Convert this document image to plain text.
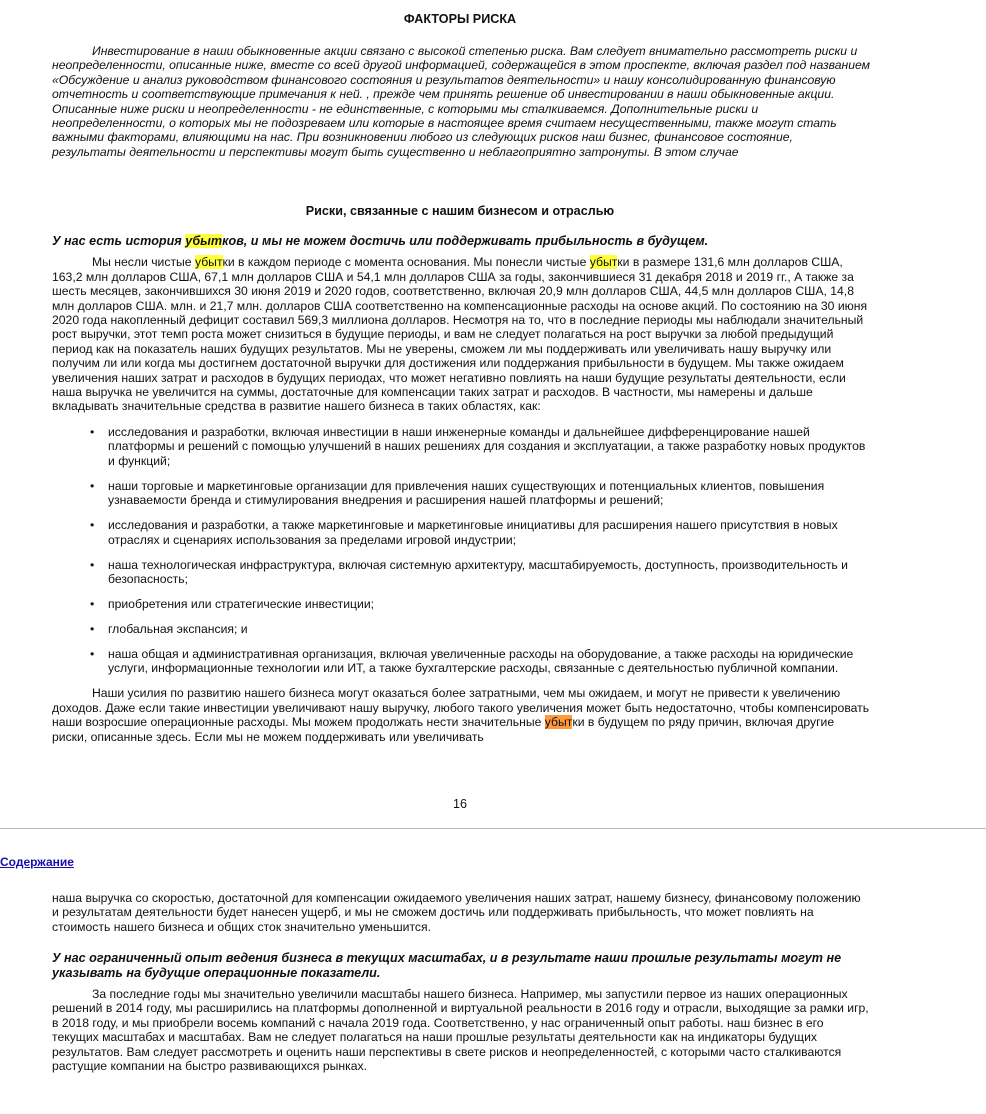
ФАКТОРЫ РИСКА

Инвестирование в наши обыкновенные акции связано с высокой степенью риска. Вам следует внимательно рассмотреть риски и неопределенности, описанные ниже, вместе со всей другой информацией, содержащейся в этом проспекте, включая раздел под названием «Обсуждение и анализ руководством финансового состояния и результатов деятельности» и нашу консолидированную финансовую отчетность и соответствующие примечания к ней. , прежде чем принять решение об инвестировании в наши обыкновенные акции. Описанные ниже риски и неопределенности - не единственные, с которыми мы сталкиваемся. Дополнительные риски и неопределенности, о которых мы не подозреваем или которые в настоящее время считаем несущественными, также могут стать важными факторами, влияющими на нас. При возникновении любого из следующих рисков наш бизнес, финансовое состояние, результаты деятельности и перспективы могут быть существенно и неблагоприятно затронуты. В этом случае

Риски, связанные с нашим бизнесом и отраслью

У нас есть история убытков, и мы не можем достичь или поддерживать прибыльность в будущем.

Мы несли чистые убытки в каждом периоде с момента основания. Мы понесли чистые убытки в размере 131,6 млн долларов США, 163,2 млн долларов США, 67,1 млн долларов США и 54,1 млн долларов США за годы, закончившиеся 31 декабря 2018 и 2019 гг., А также за шесть месяцев, закончившихся 30 июня 2019 и 2020 годов, соответственно, включая 20,9 млн долларов США, 44,5 млн долларов США, 14,8 млн долларов США. млн. и 21,7 млн. долларов США соответственно на компенсационные расходы на основе акций. По состоянию на 30 июня 2020 года накопленный дефицит составил 569,3 миллиона долларов. Несмотря на то, что в последние периоды мы наблюдали значительный рост выручки, этот темп роста может снизиться в будущие периоды, и вам не следует полагаться на рост выручки за любой предыдущий период как на показатель наших будущих результатов. Мы не уверены, сможем ли мы поддерживать или увеличивать нашу выручку или получим ли или когда мы достигнем достаточной выручки для достижения или поддержания прибыльности в будущем. Мы также ожидаем увеличения наших затрат и расходов в будущих периодах, что может негативно повлиять на наши будущие результаты деятельности, если наша выручка не увеличится на суммы, достаточные для компенсации таких затрат и расходов. В частности, мы намерены и дальше вкладывать значительные средства в развитие нашего бизнеса в таких областях, как:

• исследования и разработки, включая инвестиции в наши инженерные команды и дальнейшее дифференцирование нашей платформы и решений с помощью улучшений в наших решениях для создания и эксплуатации, а также разработку новых продуктов и функций;
• наши торговые и маркетинговые организации для привлечения наших существующих и потенциальных клиентов, повышения узнаваемости бренда и стимулирования внедрения и расширения нашей платформы и решений;
• исследования и разработки, а также маркетинговые и маркетинговые инициативы для расширения нашего присутствия в новых отраслях и сценариях использования за пределами игровой индустрии;
• наша технологическая инфраструктура, включая системную архитектуру, масштабируемость, доступность, производительность и безопасность;
• приобретения или стратегические инвестиции;
• глобальная экспансия; и
• наша общая и административная организация, включая увеличенные расходы на оборудование, а также расходы на юридические услуги, информационные технологии или ИТ, а также бухгалтерские расходы, связанные с деятельностью публичной компании.

Наши усилия по развитию нашего бизнеса могут оказаться более затратными, чем мы ожидаем, и могут не привести к увеличению доходов. Даже если такие инвестиции увеличивают нашу выручку, любого такого увеличения может быть недостаточно, чтобы компенсировать наши возросшие операционные расходы. Мы можем продолжать нести значительные убытки в будущем по ряду причин, включая другие риски, описанные здесь. Если мы не можем поддерживать или увеличивать

16
Содержание

наша выручка со скоростью, достаточной для компенсации ожидаемого увеличения наших затрат, нашему бизнесу, финансовому положению и результатам деятельности будет нанесен ущерб, и мы не сможем достичь или поддерживать прибыльность, что может повлиять на стоимость нашего бизнеса и общих сток значительно уменьшится.

У нас ограниченный опыт ведения бизнеса в текущих масштабах, и в результате наши прошлые результаты могут не указывать на будущие операционные показатели.

За последние годы мы значительно увеличили масштабы нашего бизнеса. Например, мы запустили первое из наших операционных решений в 2014 году, мы расширились на платформы дополненной и виртуальной реальности в 2016 году и отрасли, выходящие за рамки игр, в 2018 году, и мы приобрели восемь компаний с начала 2019 года. Соответственно, у нас ограниченный опыт работы. наш бизнес в его текущих масштабах и масштабах. Вам не следует полагаться на наши прошлые результаты деятельности как на индикаторы будущих результатов. Вам следует рассмотреть и оценить наши перспективы в свете рисков и неопределенностей, с которыми часто сталкиваются растущие компании на быстро развивающихся рынках.
